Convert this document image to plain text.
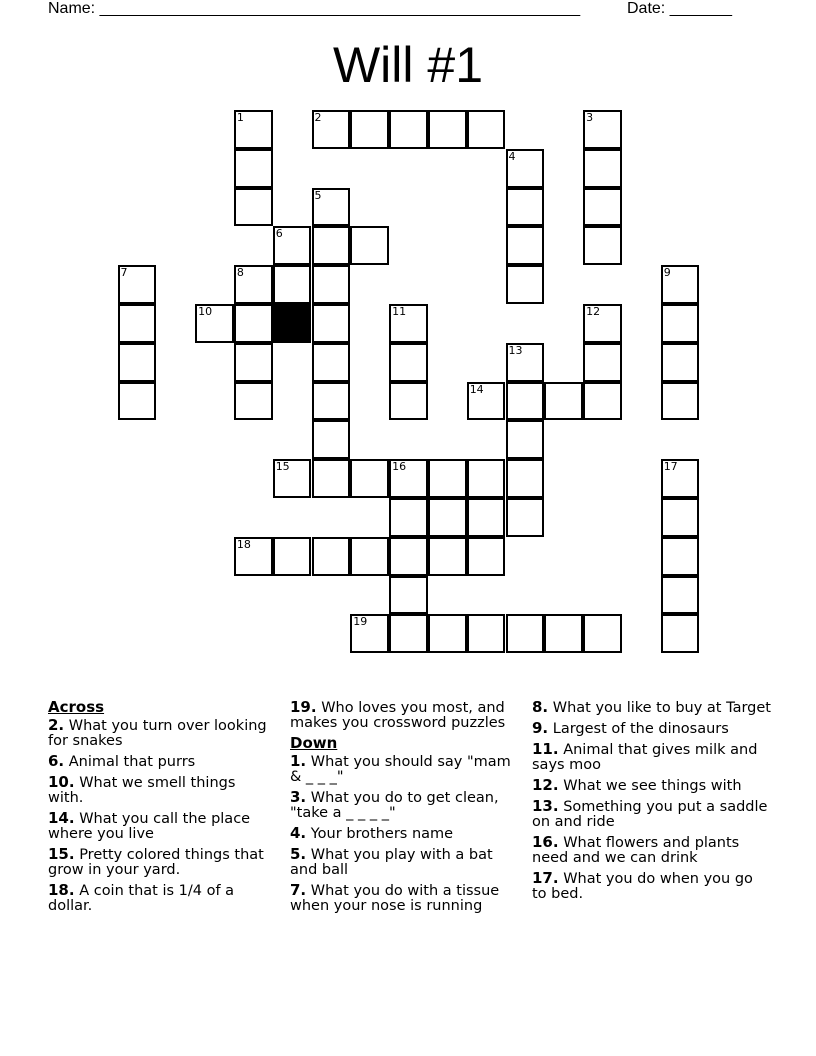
Name: ______________________________________________________	Date: _______
Will #1
1	2	3
4
5
6
7	8	9
10	11	12
13
14
15	16	17
18
19
Across
2. What you turn over looking for snakes
6. Animal that purrs
10. What we smell things with.
14. What you call the place where you live
15. Pretty colored things that grow in your yard.
18. A coin that is 1/4 of a dollar.
19. Who loves you most, and makes you crossword puzzles
Down
1. What you should say "mam & _ _ _"
3. What you do to get clean, "take a _ _ _ _"
4. Your brothers name
5. What you play with a bat and ball
7. What you do with a tissue when your nose is running
8. What you like to buy at Target
9. Largest of the dinosaurs
11. Animal that gives milk and says moo
12. What we see things with
13. Something you put a saddle on and ride
16. What flowers and plants need and we can drink
17. What you do when you go to bed.
